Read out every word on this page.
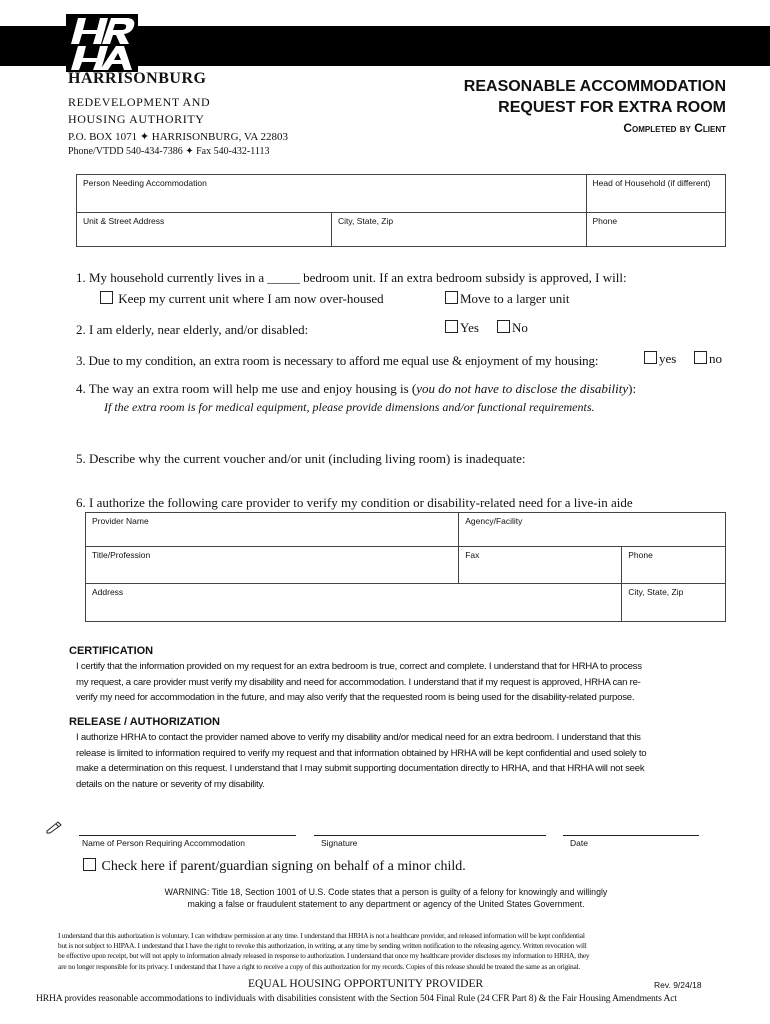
HARRISONBURG
REDEVELOPMENT AND
HOUSING AUTHORITY
P.O. BOX 1071 ✦ HARRISONBURG, VA 22803
Phone/VTDD 540-434-7386 ✦ Fax 540-432-1113
REASONABLE ACCOMMODATION
REQUEST FOR EXTRA ROOM
Completed by Client
Person Needing Accommodation		Head of Household (if different)
Unit & Street Address	City, State, Zip	Phone
1. My household currently lives in a _____ bedroom unit. If an extra bedroom subsidy is approved, I will:
Keep my current unit where I am now over-housed	Move to a larger unit
2. I am elderly, near elderly, and/or disabled:	Yes	No
3. Due to my condition, an extra room is necessary to afford me equal use & enjoyment of my housing:	yes	no
4. The way an extra room will help me use and enjoy housing is (you do not have to disclose the disability):
If the extra room is for medical equipment, please provide dimensions and/or functional requirements.
5. Describe why the current voucher and/or unit (including living room) is inadequate:
6. I authorize the following care provider to verify my condition or disability-related need for a live-in aide
Provider Name	Agency/Facility	
Title/Profession	Fax	Phone
Address		City, State, Zip
CERTIFICATION
I certify that the information provided on my request for an extra bedroom is true, correct and complete. I understand that for HRHA to process
my request, a care provider must verify my disability and need for accommodation. I understand that if my request is approved, HRHA can re-
verify my need for accommodation in the future, and may also verify that the requested room is being used for the disability-related purpose.
RELEASE / AUTHORIZATION
I authorize HRHA to contact the provider named above to verify my disability and/or medical need for an extra bedroom. I understand that this
release is limited to information required to verify my request and that information obtained by HRHA will be kept confidential and used solely to
make a determination on this request. I understand that I may submit supporting documentation directly to HRHA, and that HRHA will not seek
details on the nature or severity of my disability.
Name of Person Requiring Accommodation	Signature	Date
Check here if parent/guardian signing on behalf of a minor child.
WARNING: Title 18, Section 1001 of U.S. Code states that a person is guilty of a felony for knowingly and willingly
making a false or fraudulent statement to any department or agency of the United States Government.
I understand that this authorization is voluntary. I can withdraw permission at any time. I understand that HRHA is not a healthcare provider, and released information will be kept confidential
but is not subject to HIPAA. I understand that I have the right to revoke this authorization, in writing, at any time by sending written notification to the releasing agency. Written revocation will
be effective upon receipt, but will not apply to information already released in response to authorization. I understand that once my healthcare provider discloses my information to HRHA, they
are no longer responsible for its privacy. I understand that I have a right to receive a copy of this authorization for my records. Copies of this release should be treated the same as an original.
EQUAL HOUSING OPPORTUNITY PROVIDER	Rev. 9/24/18
HRHA provides reasonable accommodations to individuals with disabilities consistent with the Section 504 Final Rule (24 CFR Part 8) & the Fair Housing Amendments Act
